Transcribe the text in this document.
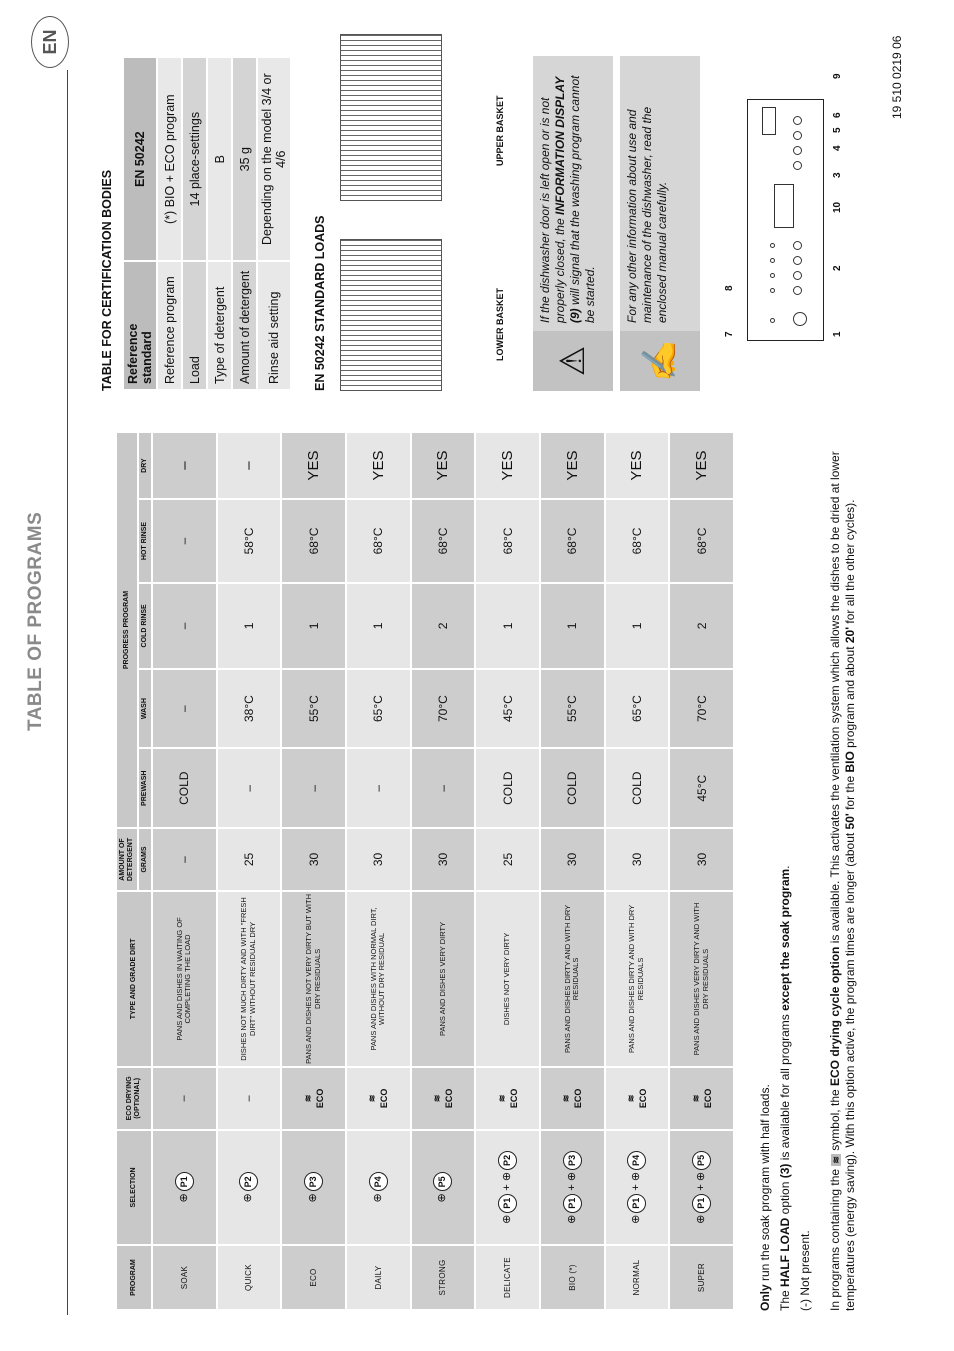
TABLE OF PROGRAMS
EN
PROGRAM	SELECTION	ECO DRYING (OPTIONAL)	TYPE AND GRADE DIRT	AMOUNT OF DETERGENT	PROGRESS PROGRAM				
				GRAMS	PREWASH	WASH	COLD RINSE	HOT RINSE	DRY
SOAK	⊕P1	–	PANS AND DISHES IN WAITING OF COMPLETING THE LOAD	–	COLD	–	–	–	–
QUICK	⊕P2	–	DISHES NOT MUCH DIRTY AND WITH "FRESH DIRT" WITHOUT RESIDUAL DRY	25	–	38°C	1	58°C	–
ECO	⊕P3	≋ ECO	PANS AND DISHES NOT VERY DIRTY BUT WITH DRY RESIDUALS	30	–	55°C	1	68°C	YES
DAILY	⊕P4	≋ ECO	PANS AND DISHES WITH NORMAL DIRT, WITHOUT DRY RESIDUAL	30	–	65°C	1	68°C	YES
STRONG	⊕P5	≋ ECO	PANS AND DISHES VERY DIRTY	30	–	70°C	2	68°C	YES
DELICATE	⊕P1 + ⊕P2	≋ ECO	DISHES NOT VERY DIRTY	25	COLD	45°C	1	68°C	YES
BIO (*)	⊕P1 + ⊕P3	≋ ECO	PANS AND DISHES DIRTY AND WITH DRY RESIDUALS	30	COLD	55°C	1	68°C	YES
NORMAL	⊕P1 + ⊕P4	≋ ECO	PANS AND DISHES DIRTY AND WITH DRY RESIDUALS	30	COLD	65°C	1	68°C	YES
SUPER	⊕P1 + ⊕P5	≋ ECO	PANS AND DISHES VERY DIRTY AND WITH DRY RESIDUALS	30	45°C	70°C	2	68°C	YES
Only run the soak program with half loads.
The HALF LOAD option (3) is available for all programs except the soak program.
(-) Not present. In programs containing the ≋ symbol, the ECO drying cycle option is available. This activates the ventilation system which allows the dishes to be dried at lower temperatures (energy saving). With this option active, the program times are longer (about 50' for the BIO program and about 20' for all the other cycles).
TABLE FOR CERTIFICATION BODIES Reference standard	EN 50242
Reference program	(*) BIO + ECO program
Load	14 place-settings
Type of detergent	B
Amount of detergent	35 g
Rinse aid setting	Depending on the model 3/4 or 4/6
EN 50242 STANDARD LOADS	LOWER BASKET
UPPER BASKET
⚠
If the dishwasher door is left open or is not properly closed, the INFORMATION DISPLAY (9) will signal that the washing program cannot be started.
✍
For any other information about use and maintenance of the dishwasher, read the enclosed manual carefully.
1
2
3
4
5
6
7
8
9
10
19 510 0219 06
